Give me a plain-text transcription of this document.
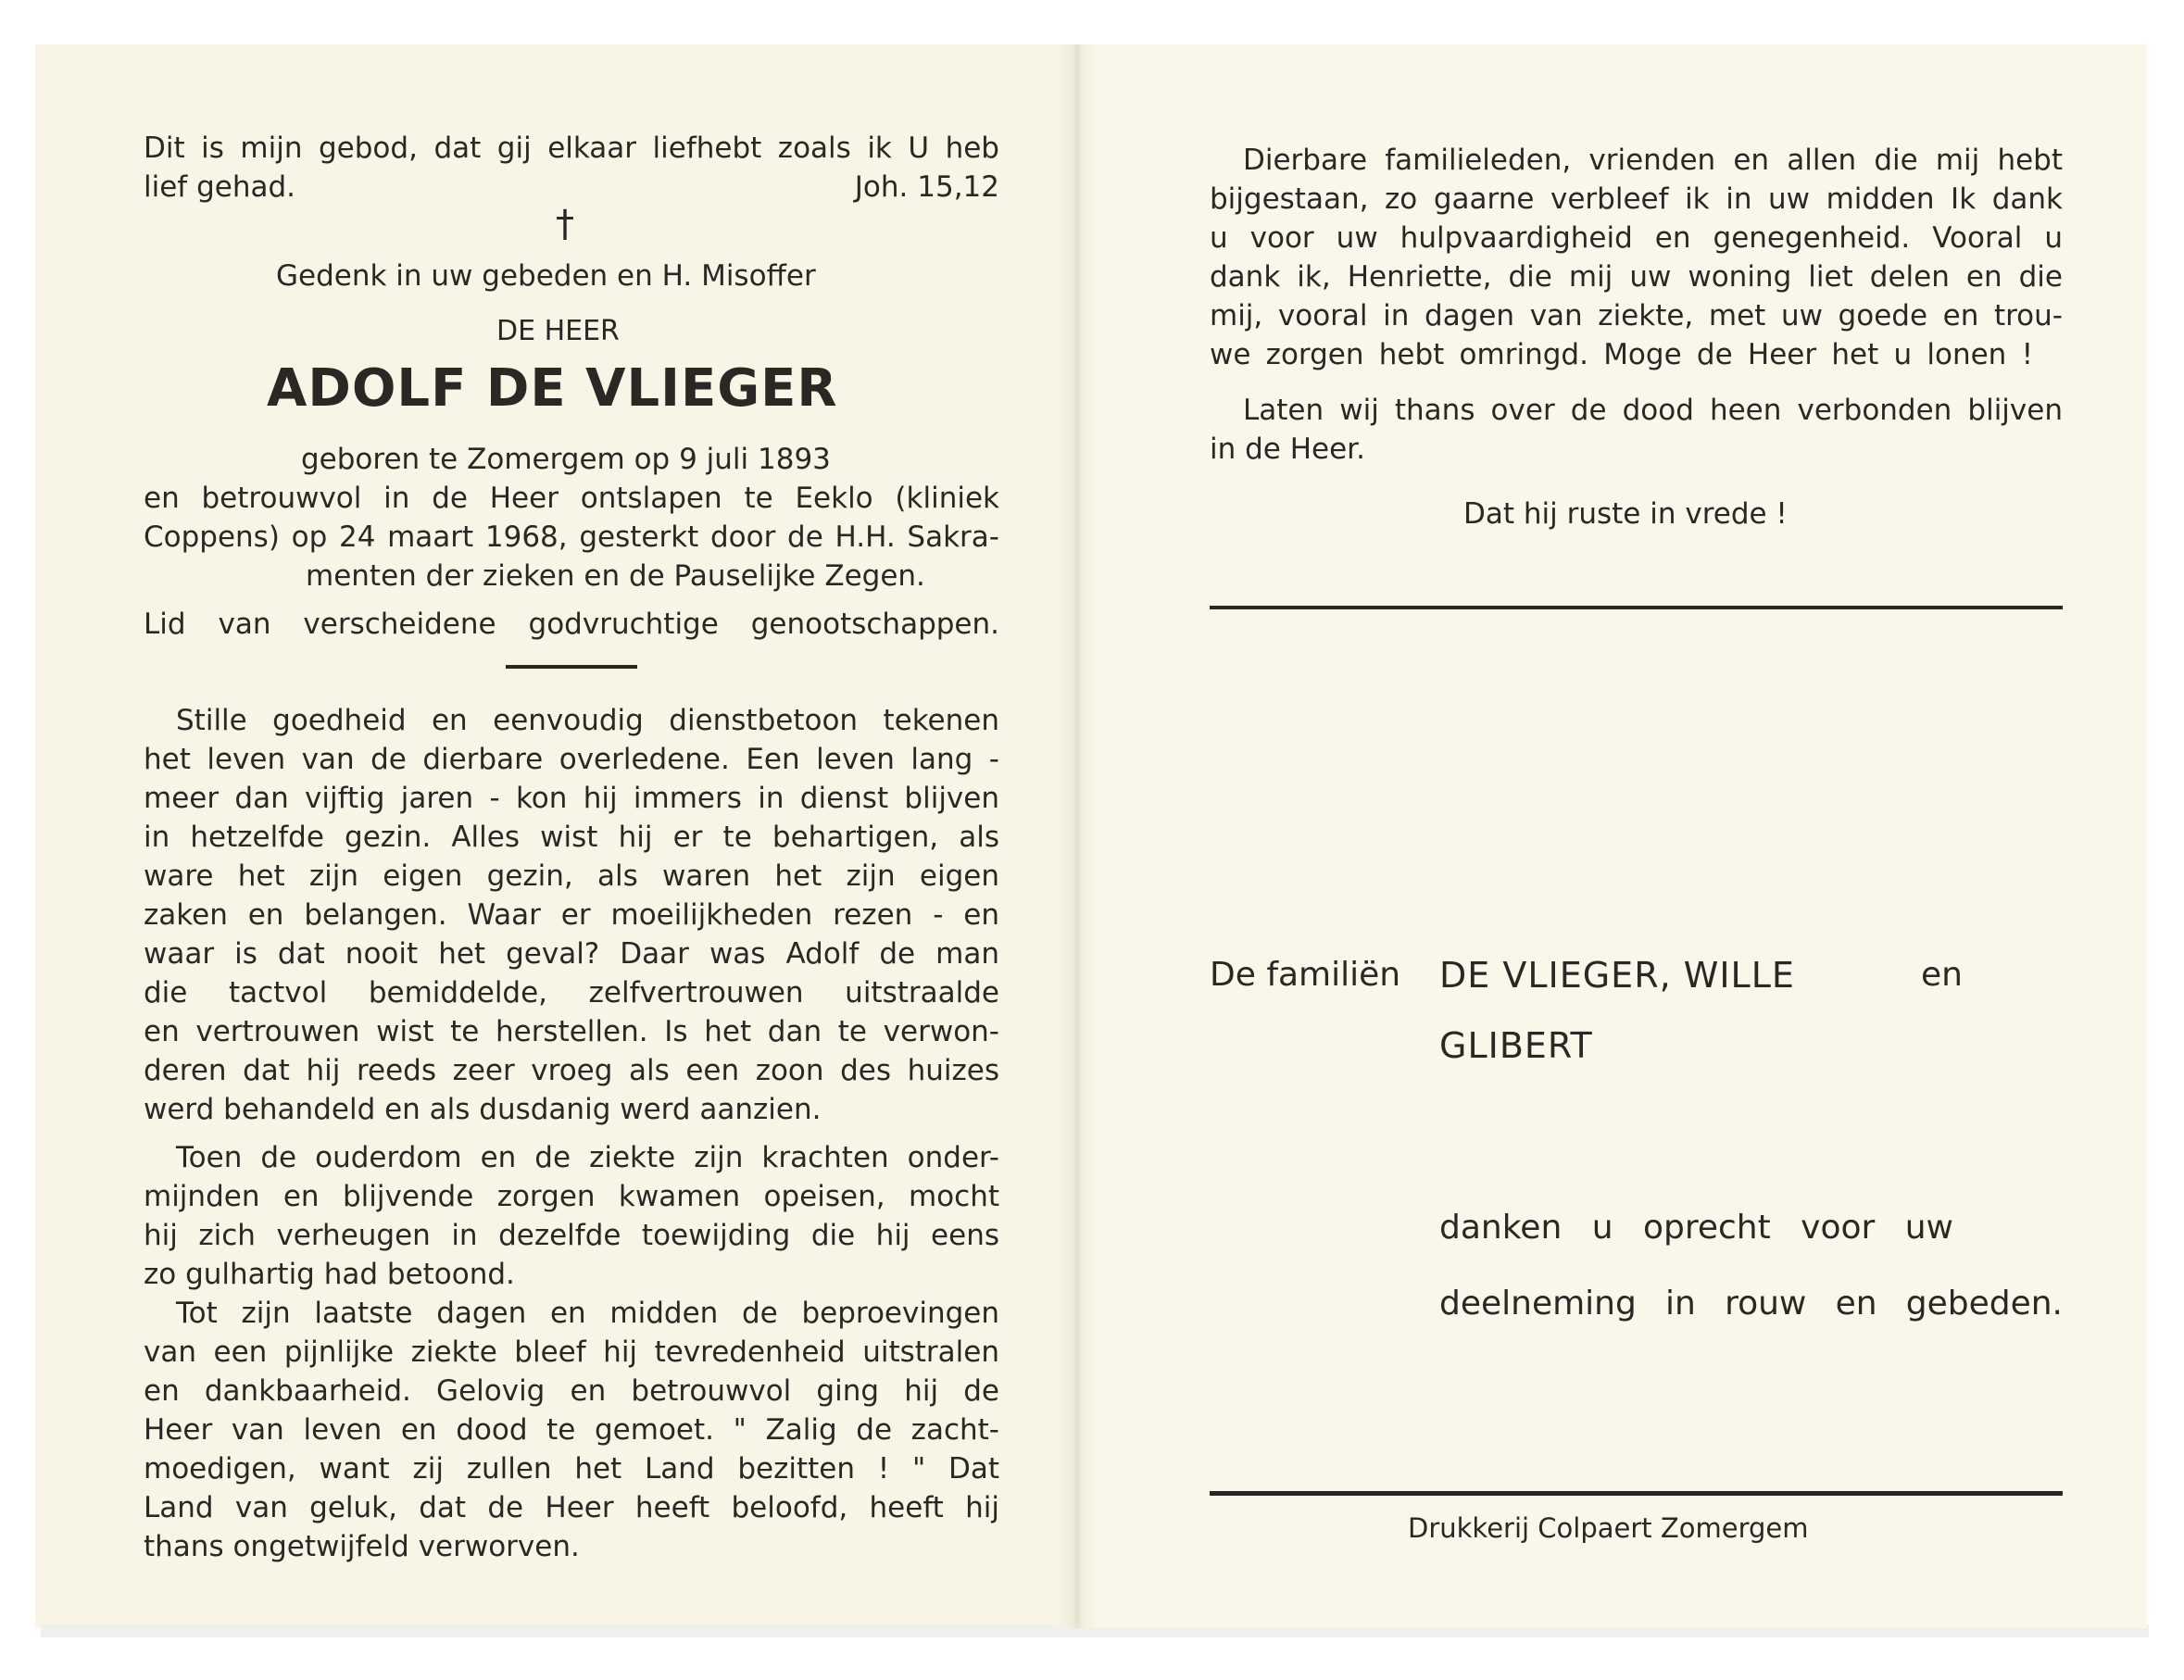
Dit is mijn gebod, dat gij elkaar liefhebt zoals ik U heb
lief gehad.	Joh. 15,12
†
Gedenk in uw gebeden en H. Misoffer
DE HEER
ADOLF DE VLIEGER
geboren te Zomergem op 9 juli 1893
en betrouwvol in de Heer ontslapen te Eeklo (kliniek
Coppens) op 24 maart 1968, gesterkt door de H.H. Sakra-
menten der zieken en de Pauselijke Zegen.
Lid van verscheidene godvruchtige genootschappen.
Stille goedheid en eenvoudig dienstbetoon tekenen
het leven van de dierbare overledene. Een leven lang -
meer dan vijftig jaren - kon hij immers in dienst blijven
in hetzelfde gezin. Alles wist hij er te behartigen, als
ware het zijn eigen gezin, als waren het zijn eigen
zaken en belangen. Waar er moeilijkheden rezen - en
waar is dat nooit het geval? Daar was Adolf de man
die tactvol bemiddelde, zelfvertrouwen uitstraalde
en vertrouwen wist te herstellen. Is het dan te verwon-
deren dat hij reeds zeer vroeg als een zoon des huizes
werd behandeld en als dusdanig werd aanzien.
Toen de ouderdom en de ziekte zijn krachten onder-
mijnden en blijvende zorgen kwamen opeisen, mocht
hij zich verheugen in dezelfde toewijding die hij eens
zo gulhartig had betoond.
Tot zijn laatste dagen en midden de beproevingen
van een pijnlijke ziekte bleef hij tevredenheid uitstralen
en dankbaarheid. Gelovig en betrouwvol ging hij de
Heer van leven en dood te gemoet. " Zalig de zacht-
moedigen, want zij zullen het Land bezitten ! " Dat
Land van geluk, dat de Heer heeft beloofd, heeft hij
thans ongetwijfeld verworven.
Dierbare familieleden, vrienden en allen die mij hebt
bijgestaan, zo gaarne verbleef ik in uw midden Ik dank
u voor uw hulpvaardigheid en genegenheid. Vooral u
dank ik, Henriette, die mij uw woning liet delen en die
mij, vooral in dagen van ziekte, met uw goede en trou-
we zorgen hebt omringd. Moge de Heer het u lonen !
Laten wij thans over de dood heen verbonden blijven
in de Heer.
Dat hij ruste in vrede !
De familiën DE VLIEGER, WILLE	en
GLIBERT
danken u oprecht voor uw
deelneming in rouw en gebeden.
Drukkerij Colpaert Zomergem
